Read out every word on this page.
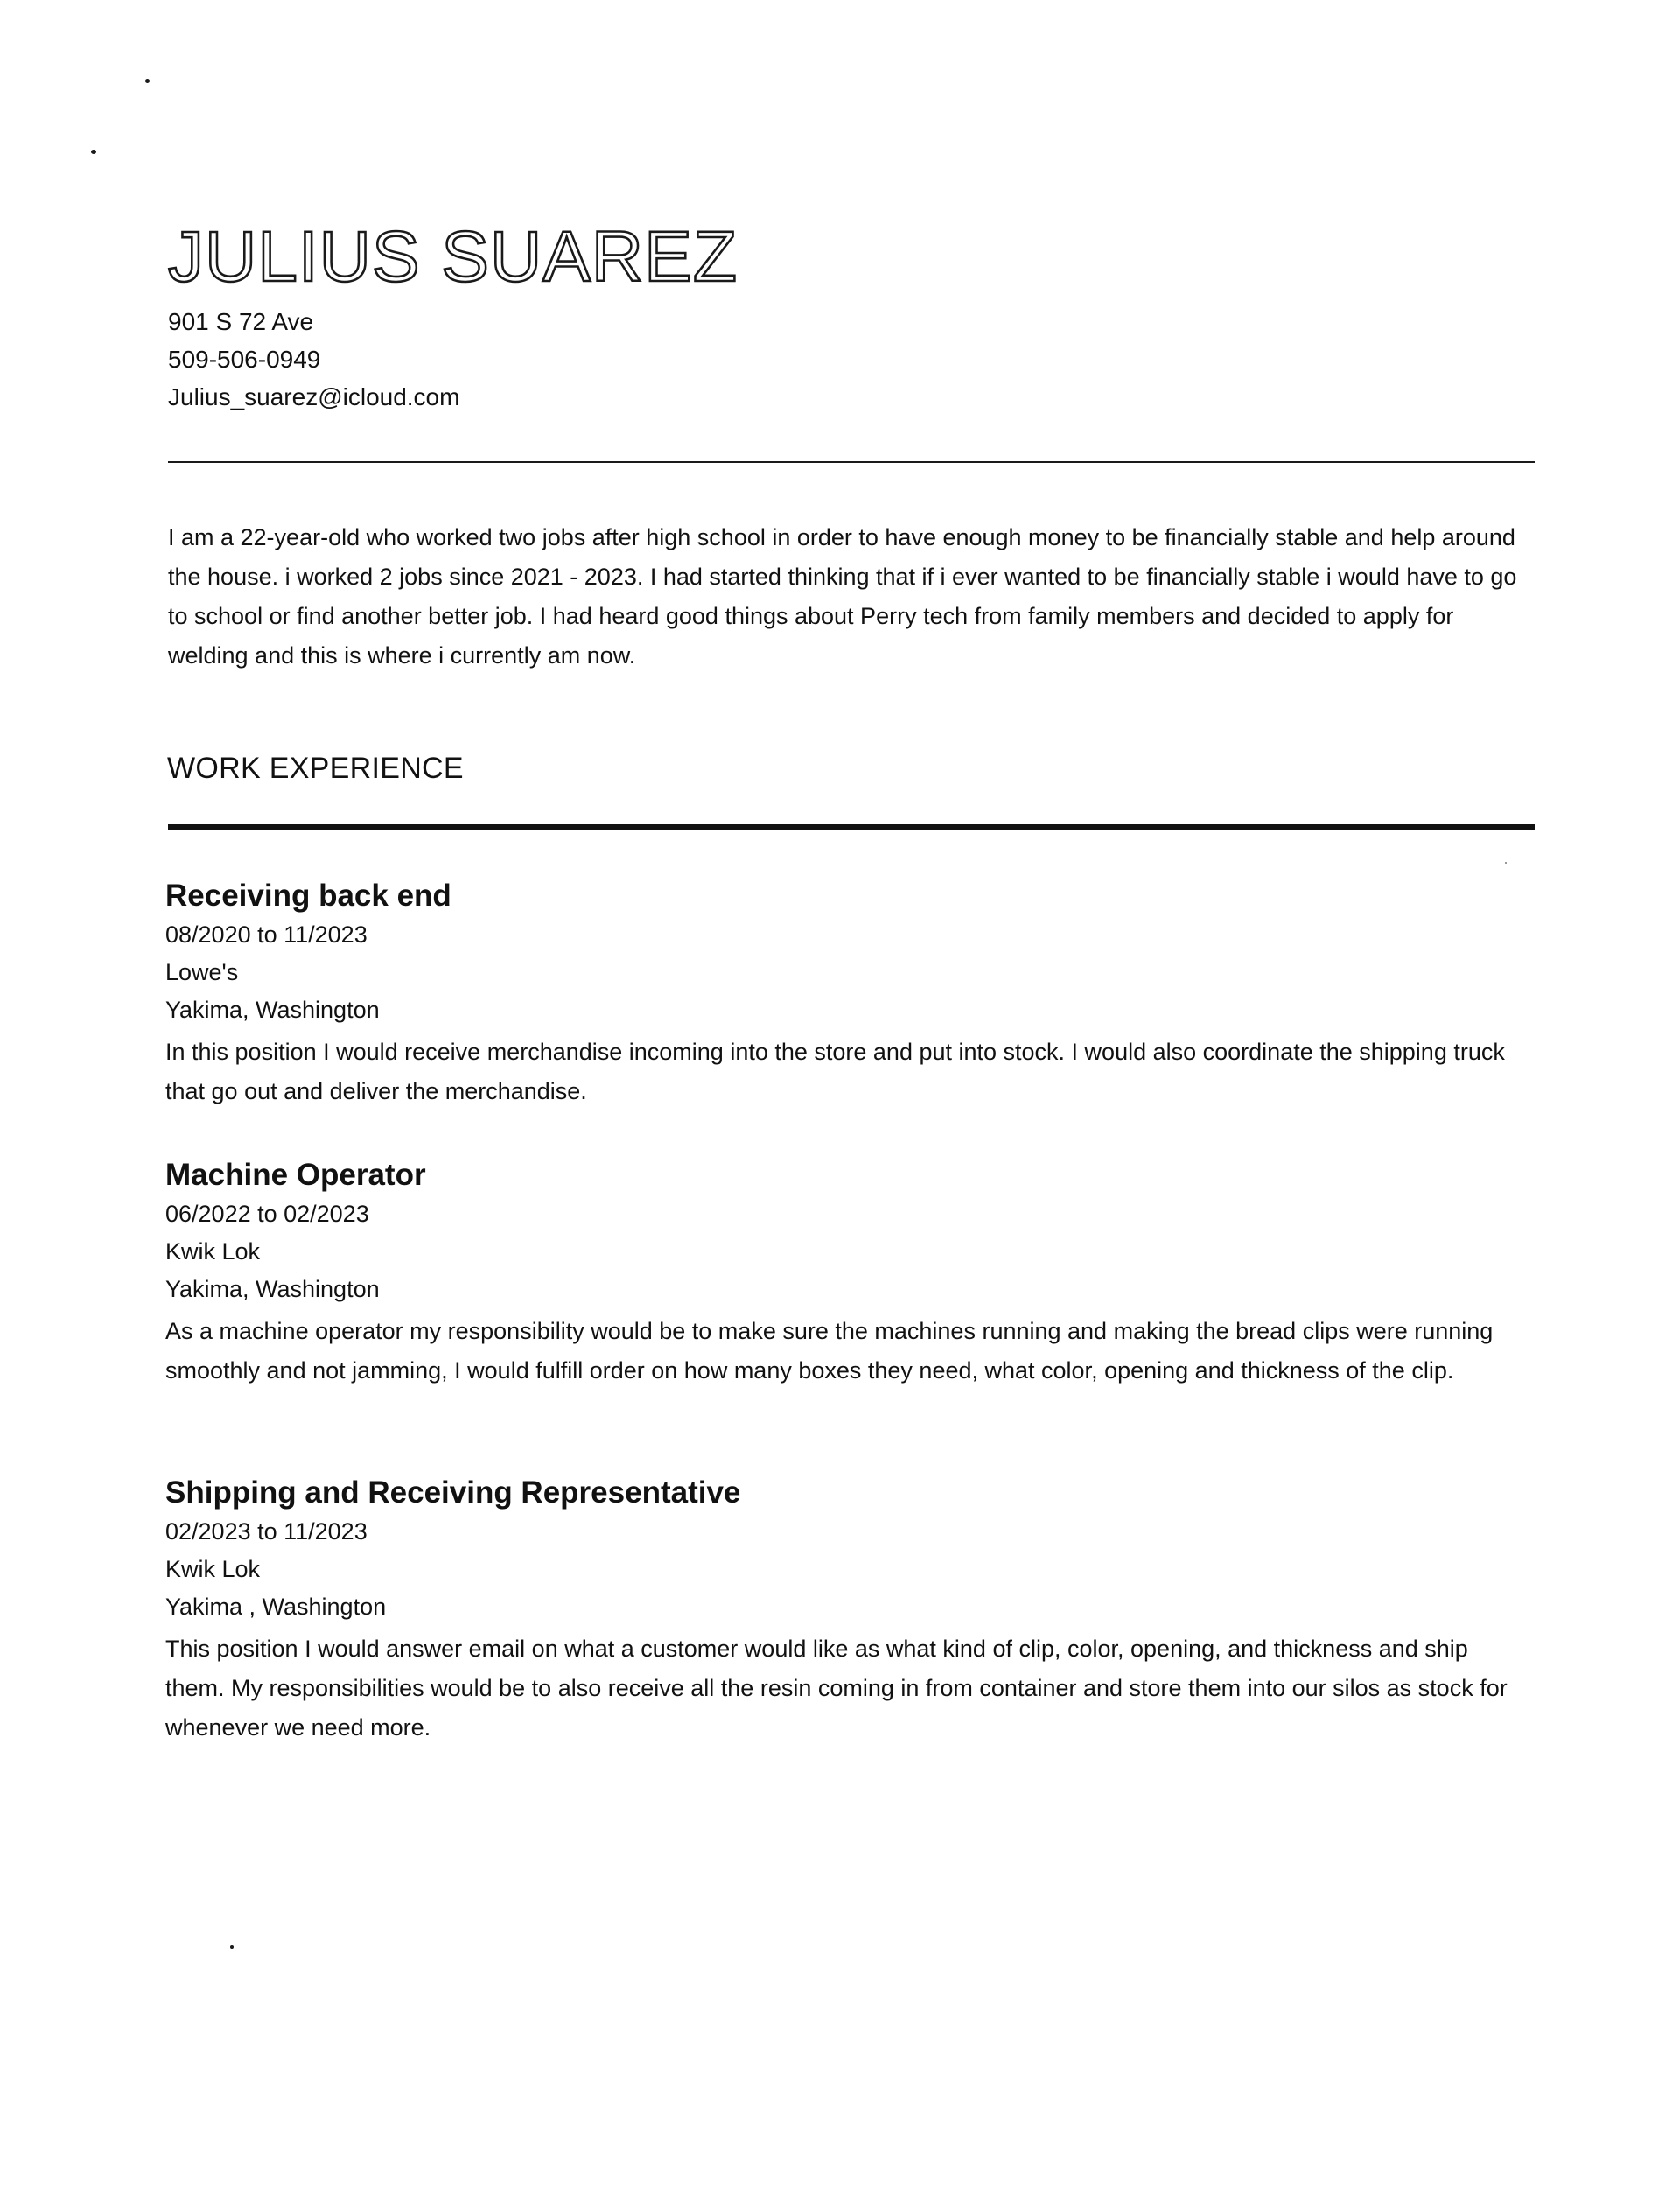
JULIUS SUAREZ

901 S 72 Ave

509-506-0949

Julius_suarez@icloud.com

I am a 22-year-old who worked two jobs after high school in order to have enough money to be financially stable and help around the house. i worked 2 jobs since 2021 - 2023. I had started thinking that if i ever wanted to be financially stable i would have to go to school or find another better job. I had heard good things about Perry tech from family members and decided to apply for welding and this is where i currently am now.

WORK EXPERIENCE
Receiving back end

08/2020 to 11/2023

Lowe's

Yakima, Washington

In this position I would receive merchandise incoming into the store and put into stock. I would also coordinate the shipping truck that go out and deliver the merchandise.

Machine Operator

06/2022 to 02/2023

Kwik Lok

Yakima, Washington

As a machine operator my responsibility would be to make sure the machines running and making the bread clips were running smoothly and not jamming, I would fulfill order on how many boxes they need, what color, opening and thickness of the clip.

Shipping and Receiving Representative

02/2023 to 11/2023

Kwik Lok

Yakima , Washington

This position I would answer email on what a customer would like as what kind of clip, color, opening, and thickness and ship them. My responsibilities would be to also receive all the resin coming in from container and store them into our silos as stock for whenever we need more.
